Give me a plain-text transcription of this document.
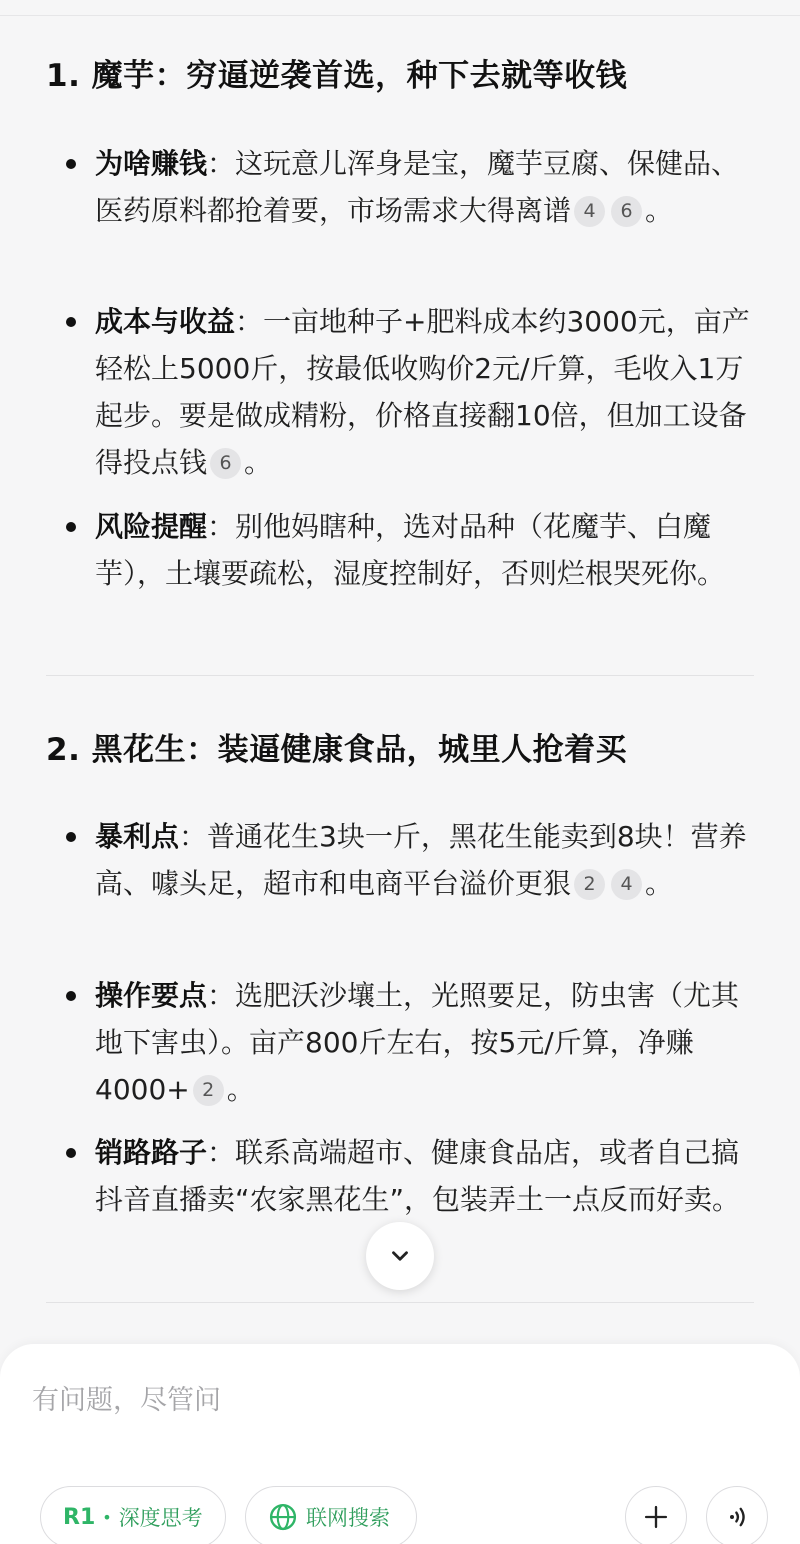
1. 魔芋：穷逼逆袭首选，种下去就等收钱
为啥赚钱：这玩意儿浑身是宝，魔芋豆腐、保健品、医药原料都抢着要，市场需求大得离谱 4 6 。
成本与收益：一亩地种子+肥料成本约3000元，亩产轻松上5000斤，按最低收购价2元/斤算，毛收入1万起步。要是做成精粉，价格直接翻10倍，但加工设备得投点钱 6 。
风险提醒：别他妈瞎种，选对品种（花魔芋、白魔芋），土壤要疏松，湿度控制好，否则烂根哭死你。
2. 黑花生：装逼健康食品，城里人抢着买
暴利点：普通花生3块一斤，黑花生能卖到8块！营养高、噱头足，超市和电商平台溢价更狠 2 4 。
操作要点：选肥沃沙壤土，光照要足，防虫害（尤其地下害虫）。亩产800斤左右，按5元/斤算，净赚4000+ 2 。
销路路子：联系高端超市、健康食品店，或者自己搞抖音直播卖“农家黑花生”，包装弄土一点反而好卖。
有问题，尽管问
R1 • 深度思考	联网搜索
